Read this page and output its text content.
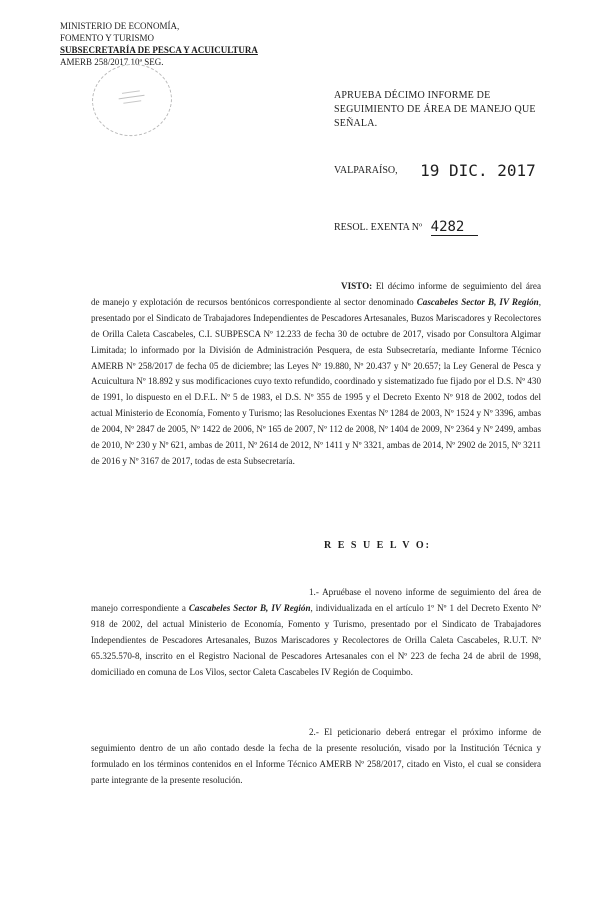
MINISTERIO DE ECONOMÍA,
FOMENTO Y TURISMO
SUBSECRETARÍA DE PESCA Y ACUICULTURA
AMERB 258/2017 10ª SEG.
APRUEBA DÉCIMO INFORME DE SEGUIMIENTO DE ÁREA DE MANEJO QUE SEÑALA.
VALPARAÍSO, 19 DIC. 2017
RESOL. EXENTA Nº 4282
VISTO: El décimo informe de seguimiento del área de manejo y explotación de recursos bentónicos correspondiente al sector denominado Cascabeles Sector B, IV Región, presentado por el Sindicato de Trabajadores Independientes de Pescadores Artesanales, Buzos Mariscadores y Recolectores de Orilla Caleta Cascabeles, C.I. SUBPESCA Nº 12.233 de fecha 30 de octubre de 2017, visado por Consultora Algimar Limitada; lo informado por la División de Administración Pesquera, de esta Subsecretaría, mediante Informe Técnico AMERB Nº 258/2017 de fecha 05 de diciembre; las Leyes Nº 19.880, Nº 20.437 y Nº 20.657; la Ley General de Pesca y Acuicultura Nº 18.892 y sus modificaciones cuyo texto refundido, coordinado y sistematizado fue fijado por el D.S. Nº 430 de 1991, lo dispuesto en el D.F.L. Nº 5 de 1983, el D.S. Nº 355 de 1995 y el Decreto Exento Nº 918 de 2002, todos del actual Ministerio de Economía, Fomento y Turismo; las Resoluciones Exentas Nº 1284 de 2003, Nº 1524 y Nº 3396, ambas de 2004, Nº 2847 de 2005, Nº 1422 de 2006, Nº 165 de 2007, Nº 112 de 2008, Nº 1404 de 2009, Nº 2364 y Nº 2499, ambas de 2010, Nº 230 y Nº 621, ambas de 2011, Nº 2614 de 2012, Nº 1411 y Nº 3321, ambas de 2014, Nº 2902 de 2015, Nº 3211 de 2016 y Nº 3167 de 2017, todas de esta Subsecretaría.
R E S U E L V O:
1.- Apruébase el noveno informe de seguimiento del área de manejo correspondiente a Cascabeles Sector B, IV Región, individualizada en el artículo 1º Nº 1 del Decreto Exento Nº 918 de 2002, del actual Ministerio de Economía, Fomento y Turismo, presentado por el Sindicato de Trabajadores Independientes de Pescadores Artesanales, Buzos Mariscadores y Recolectores de Orilla Caleta Cascabeles, R.U.T. Nº 65.325.570-8, inscrito en el Registro Nacional de Pescadores Artesanales con el Nº 223 de fecha 24 de abril de 1998, domiciliado en comuna de Los Vilos, sector Caleta Cascabeles IV Región de Coquimbo.
2.- El peticionario deberá entregar el próximo informe de seguimiento dentro de un año contado desde la fecha de la presente resolución, visado por la Institución Técnica y formulado en los términos contenidos en el Informe Técnico AMERB Nº 258/2017, citado en Visto, el cual se considera parte integrante de la presente resolución.
